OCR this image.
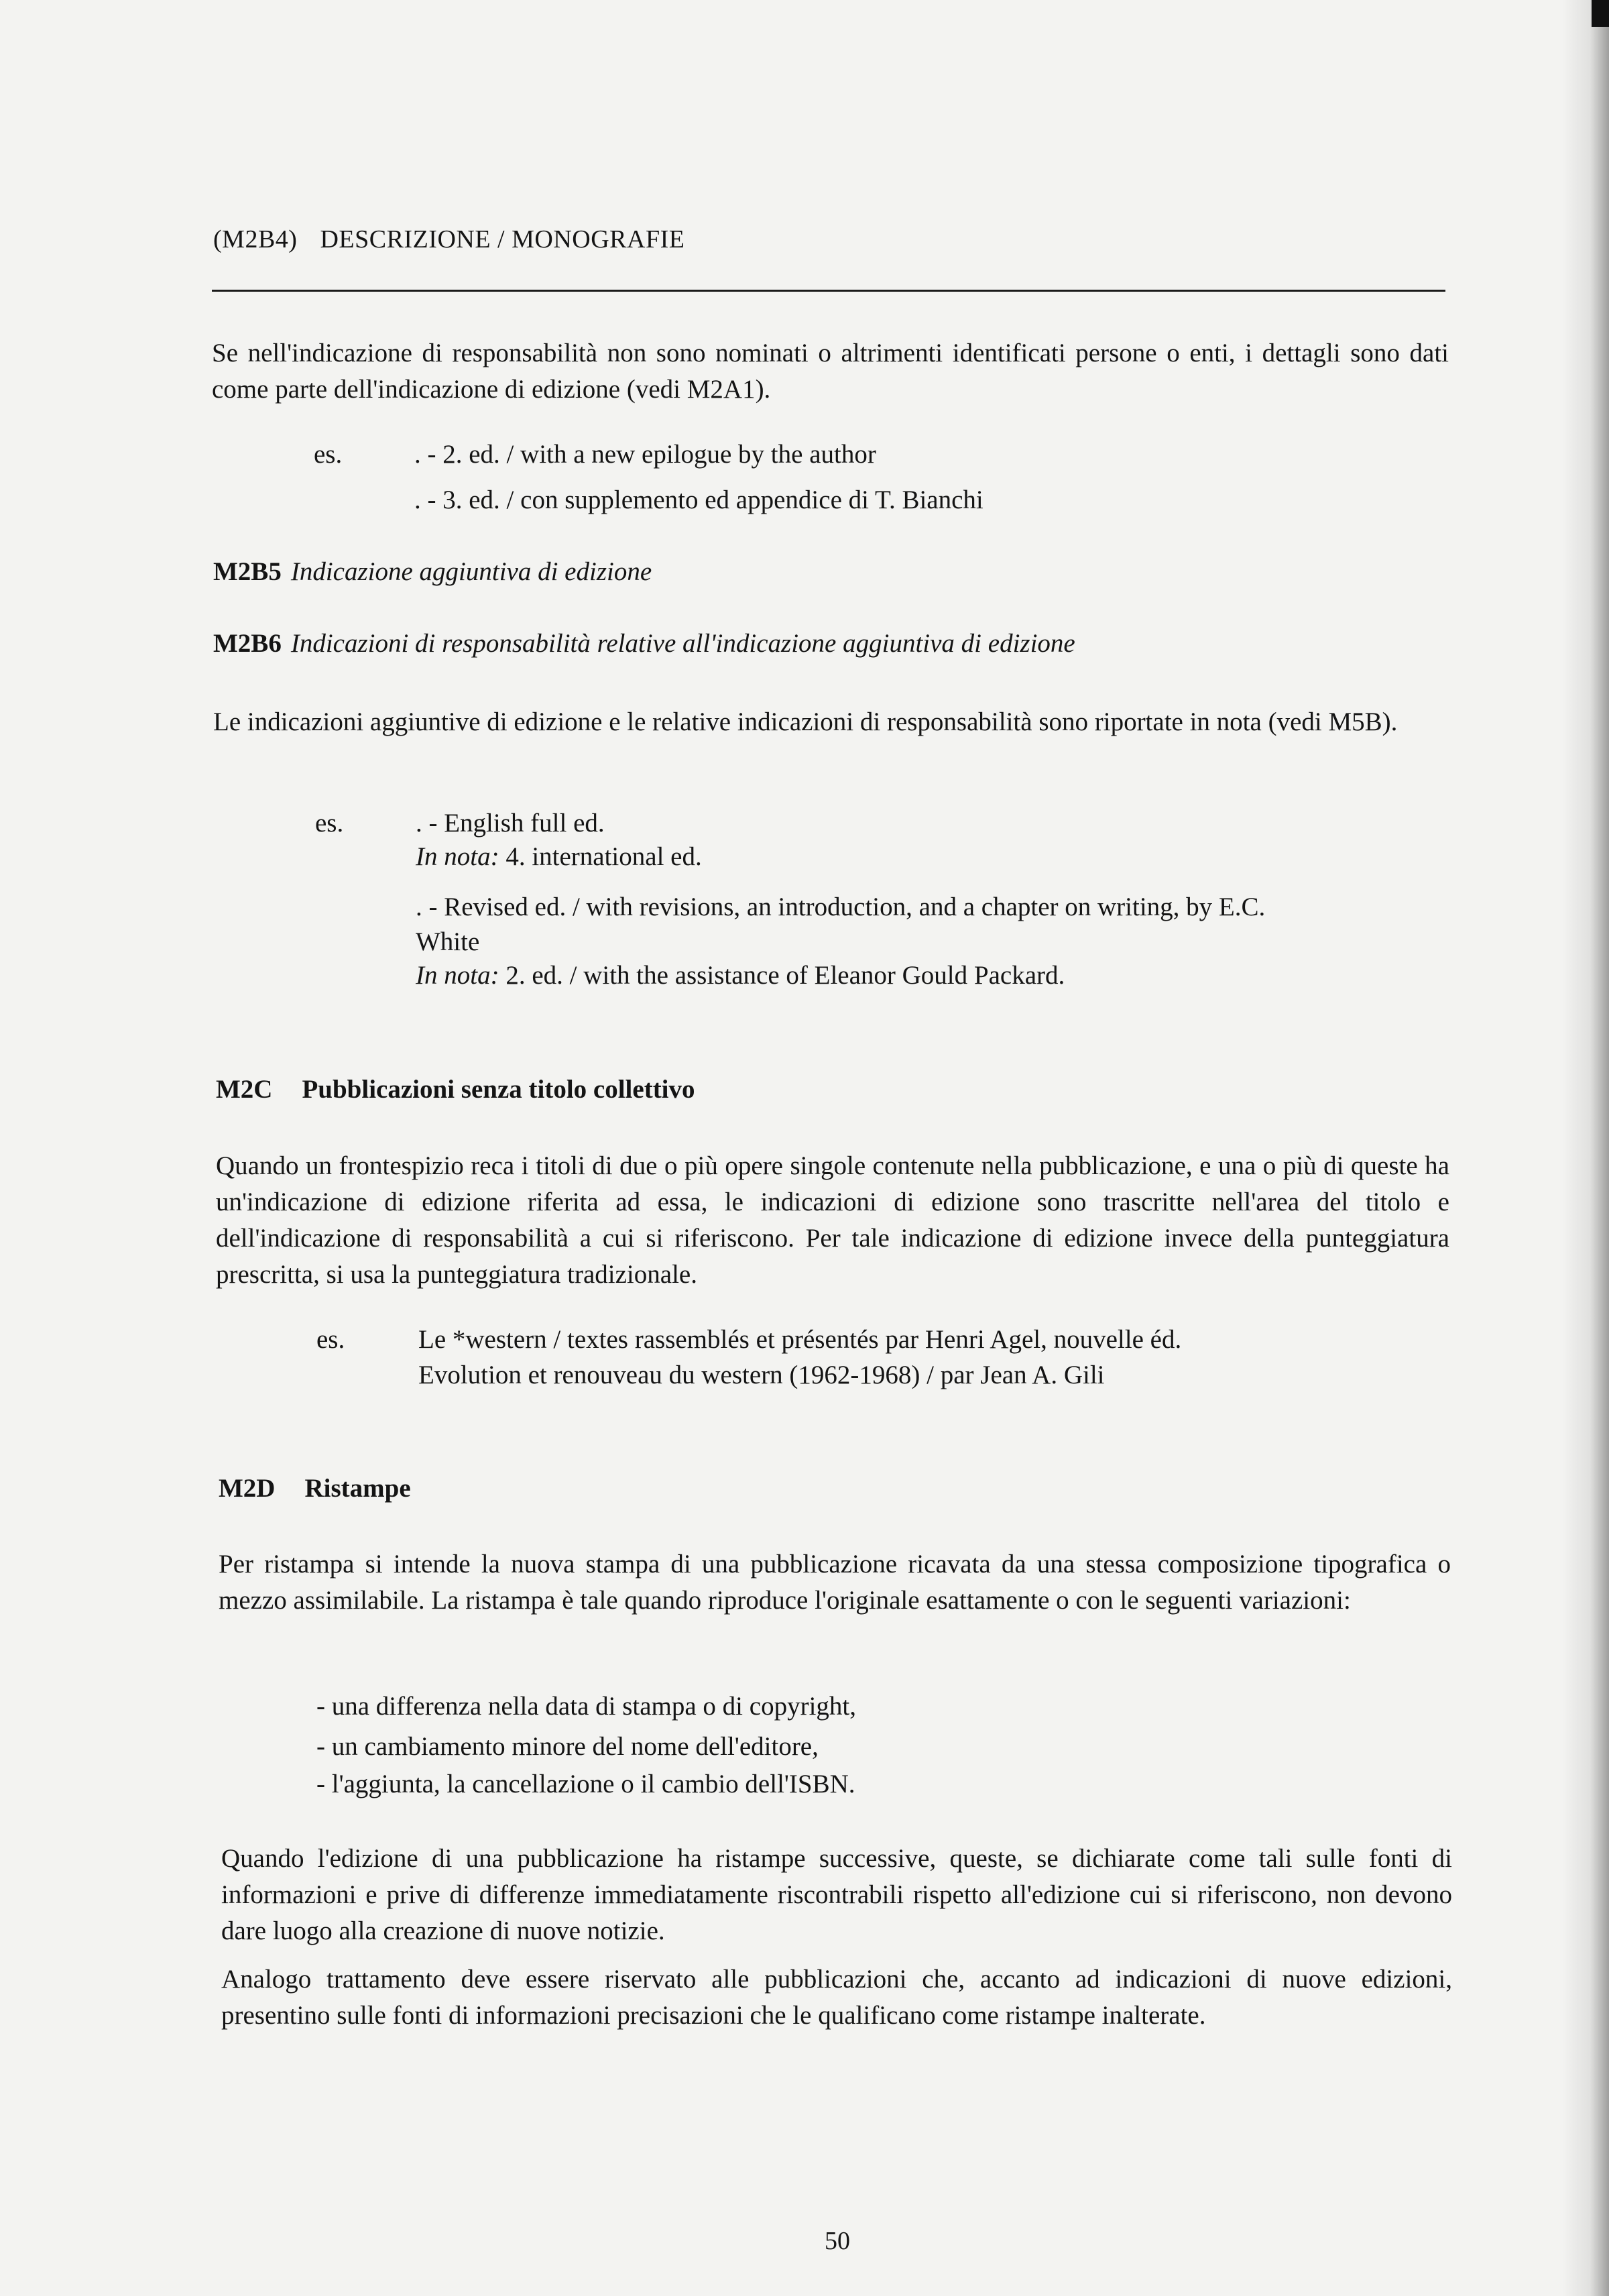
(M2B4) DESCRIZIONE / MONOGRAFIE
Se nell'indicazione di responsabilità non sono nominati o altrimenti identificati persone o enti, i dettagli sono dati come parte dell'indicazione di edizione (vedi M2A1).
es.	. - 2. ed. / with a new epilogue by the author
. - 3. ed. / con supplemento ed appendice di T. Bianchi
M2B5 Indicazione aggiuntiva di edizione
M2B6 Indicazioni di responsabilità relative all'indicazione aggiuntiva di edizione
Le indicazioni aggiuntive di edizione e le relative indicazioni di responsabilità sono riportate in nota (vedi M5B).
es.	. - English full ed.
In nota: 4. international ed.
. - Revised ed. / with revisions, an introduction, and a chapter on writing, by E.C.
White
In nota: 2. ed. / with the assistance of Eleanor Gould Packard.
M2C Pubblicazioni senza titolo collettivo
Quando un frontespizio reca i titoli di due o più opere singole contenute nella pubblicazione, e una o più di queste ha un'indicazione di edizione riferita ad essa, le indicazioni di edizione sono trascritte nell'area del titolo e dell'indicazione di responsabilità a cui si riferiscono. Per tale indicazione di edizione invece della punteggiatura prescritta, si usa la punteggiatura tradizionale.
es.	Le *western / textes rassemblés et présentés par Henri Agel, nouvelle éd.
Evolution et renouveau du western (1962-1968) / par Jean A. Gili
M2D Ristampe
Per ristampa si intende la nuova stampa di una pubblicazione ricavata da una stessa composizione tipografica o mezzo assimilabile. La ristampa è tale quando riproduce l'originale esattamente o con le seguenti variazioni:
- una differenza nella data di stampa o di copyright,
- un cambiamento minore del nome dell'editore,
- l'aggiunta, la cancellazione o il cambio dell'ISBN.
Quando l'edizione di una pubblicazione ha ristampe successive, queste, se dichiarate come tali sulle fonti di informazioni e prive di differenze immediatamente riscontrabili rispetto all'edizione cui si riferiscono, non devono dare luogo alla creazione di nuove notizie.
Analogo trattamento deve essere riservato alle pubblicazioni che, accanto ad indicazioni di nuove edizioni, presentino sulle fonti di informazioni precisazioni che le qualificano come ristampe inalterate.
50
